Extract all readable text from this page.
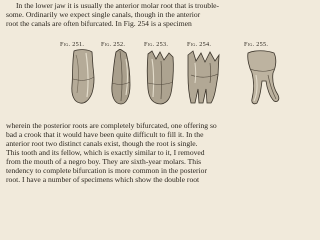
In the lower jaw it is usually the anterior molar root that is trouble-
some. Ordinarily we expect single canals, though in the anterior
root the canals are often bifurcated. In Fig. 254 is a specimen
Fig. 251.	Fig. 252.	Fig. 253.	Fig. 254.	Fig. 255.
wherein the posterior roots are completely bifurcated, one offering so
bad a crook that it would have been quite difficult to fill it. In the
anterior root two distinct canals exist, though the root is single.
This tooth and its fellow, which is exactly similar to it, I removed
from the mouth of a negro boy. They are sixth-year molars. This
tendency to complete bifurcation is more common in the posterior
root. I have a number of specimens which show the double root
